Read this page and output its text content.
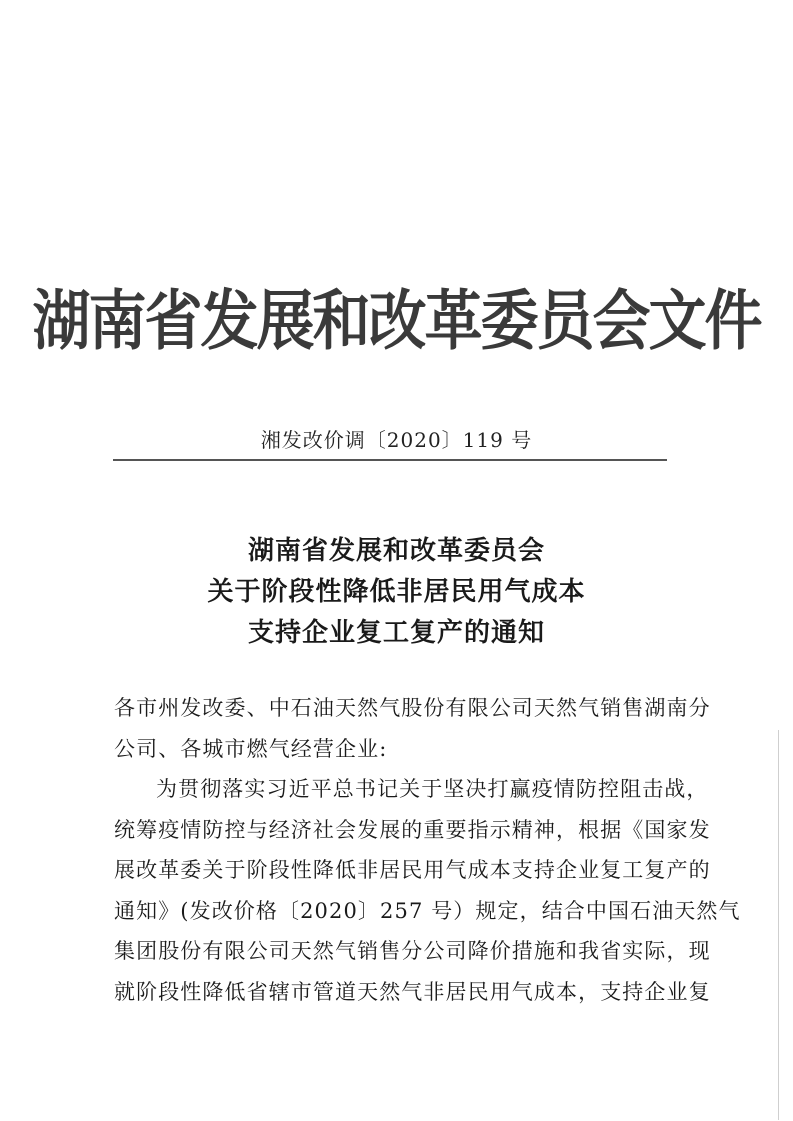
湖南省发展和改革委员会文件
湘发改价调〔2020〕119 号
湖南省发展和改革委员会
关于阶段性降低非居民用气成本
支持企业复工复产的通知
各市州发改委、中石油天然气股份有限公司天然气销售湖南分
公司、各城市燃气经营企业:
为贯彻落实习近平总书记关于坚决打赢疫情防控阻击战，
统筹疫情防控与经济社会发展的重要指示精神，根据《国家发
展改革委关于阶段性降低非居民用气成本支持企业复工复产的
通知》(发改价格〔2020〕257 号）规定，结合中国石油天然气
集团股份有限公司天然气销售分公司降价措施和我省实际，现
就阶段性降低省辖市管道天然气非居民用气成本，支持企业复
